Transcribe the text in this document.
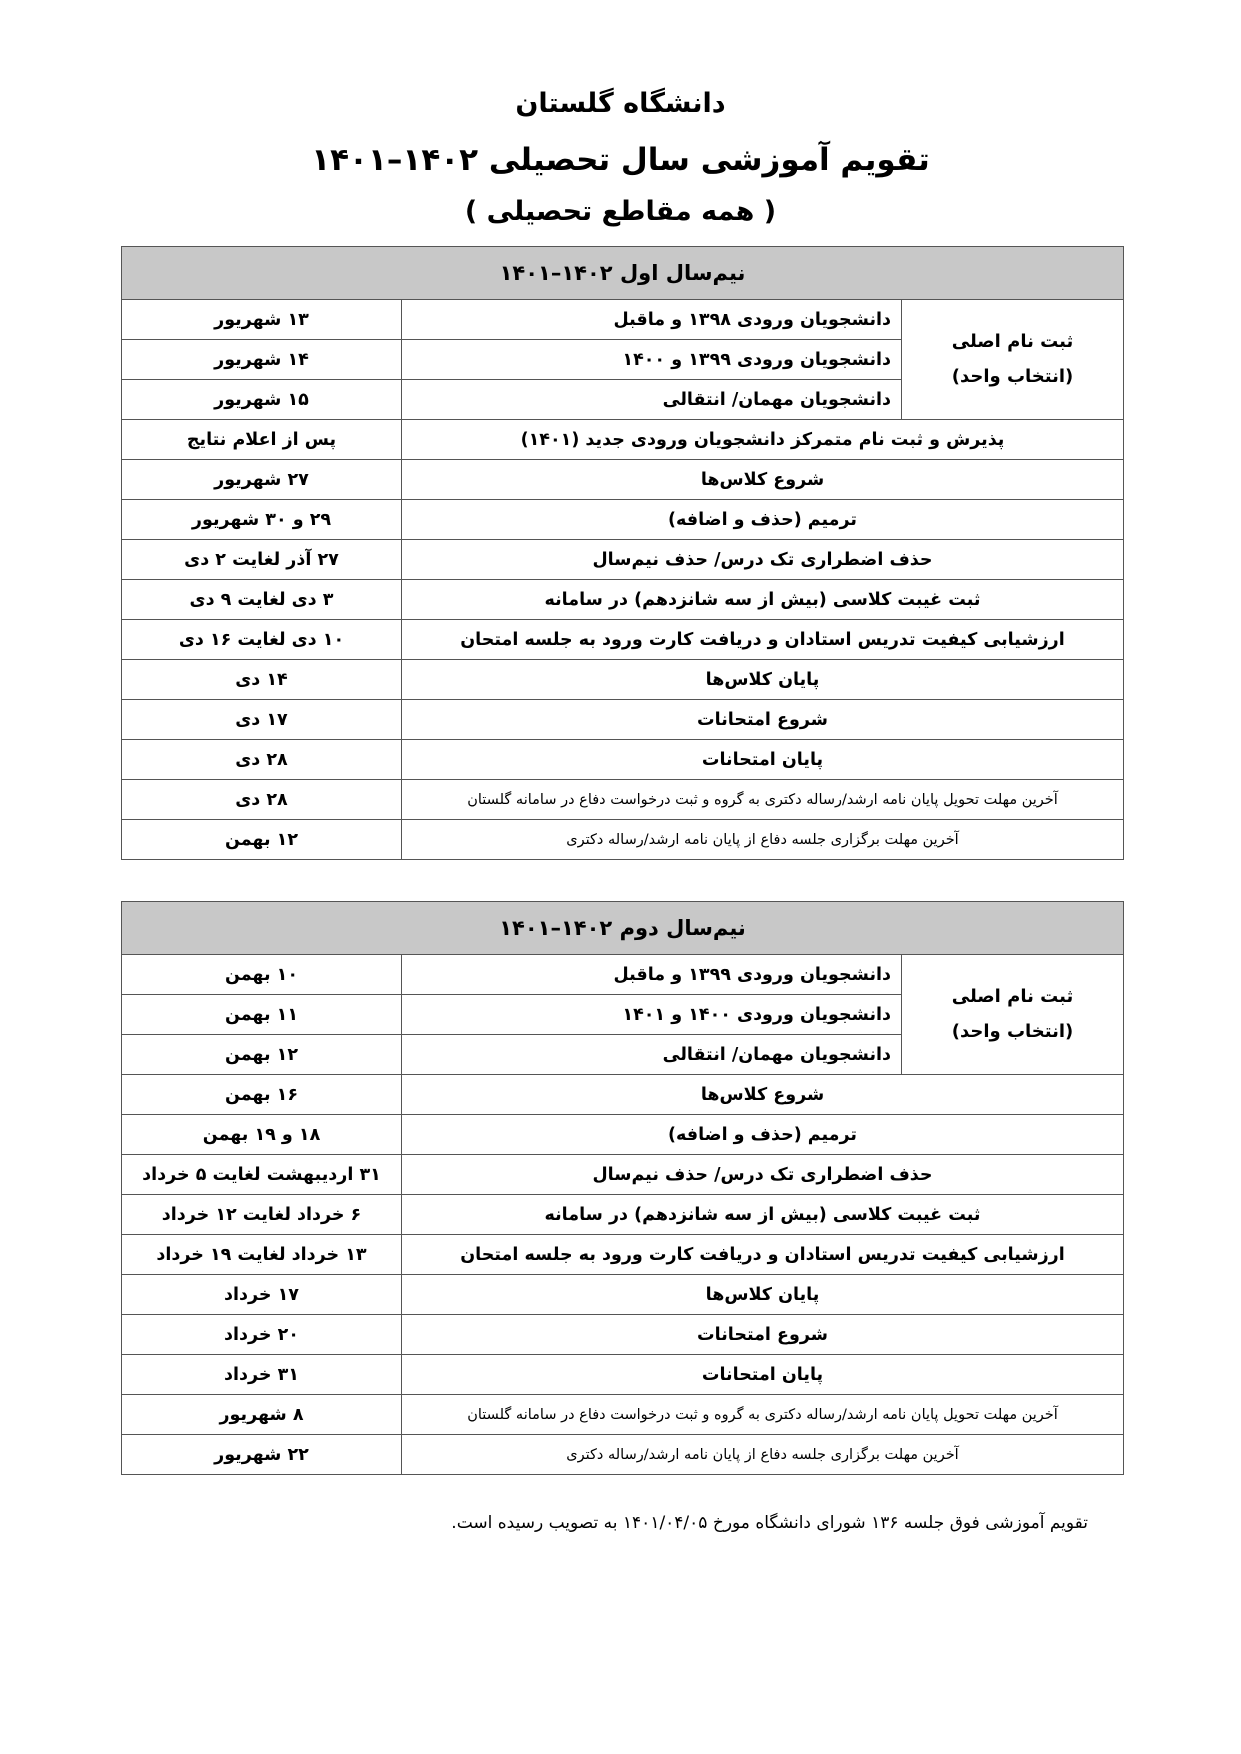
دانشگاه گلستان
تقویم آموزشی سال تحصیلی ۱۴۰۲–۱۴۰۱
( همه مقاطع تحصیلی )
نیم‌سال اول ۱۴۰۲–۱۴۰۱		

ثبت نام اصلی
(انتخاب واحد)	دانشجویان ورودی ۱۳۹۸ و ماقبل	۱۳ شهریور
	دانشجویان ورودی ۱۳۹۹ و ۱۴۰۰	۱۴ شهریور
	دانشجویان مهمان/ انتقالی	۱۵ شهریور
پذیرش و ثبت نام متمرکز دانشجویان ورودی جدید (۱۴۰۱)		پس از اعلام نتایج
شروع کلاس‌ها		۲۷ شهریور
ترمیم (حذف و اضافه)		۲۹ و ۳۰ شهریور
حذف اضطراری تک درس/ حذف نیم‌سال		۲۷ آذر لغایت ۲ دی
ثبت غیبت کلاسی (بیش از سه شانزدهم) در سامانه		۳ دی لغایت ۹ دی
ارزشیابی کیفیت تدریس استادان و دریافت کارت ورود به جلسه امتحان		۱۰ دی لغایت ۱۶ دی
پایان کلاس‌ها		۱۴ دی
شروع امتحانات		۱۷ دی
پایان امتحانات		۲۸ دی
آخرین مهلت تحویل پایان نامه ارشد/رساله دکتری به گروه و ثبت درخواست دفاع در سامانه گلستان		۲۸ دی
آخرین مهلت برگزاری جلسه دفاع از پایان نامه ارشد/رساله دکتری		۱۲ بهمن
نیم‌سال دوم ۱۴۰۲–۱۴۰۱		

ثبت نام اصلی
(انتخاب واحد)	دانشجویان ورودی ۱۳۹۹ و ماقبل	۱۰ بهمن
	دانشجویان ورودی ۱۴۰۰ و ۱۴۰۱	۱۱ بهمن
	دانشجویان مهمان/ انتقالی	۱۲ بهمن
شروع کلاس‌ها		۱۶ بهمن
ترمیم (حذف و اضافه)		۱۸ و ۱۹ بهمن
حذف اضطراری تک درس/ حذف نیم‌سال		۳۱ اردیبهشت لغایت ۵ خرداد
ثبت غیبت کلاسی (بیش از سه شانزدهم) در سامانه		۶ خرداد لغایت ۱۲ خرداد
ارزشیابی کیفیت تدریس استادان و دریافت کارت ورود به جلسه امتحان		۱۳ خرداد لغایت ۱۹ خرداد
پایان کلاس‌ها		۱۷ خرداد
شروع امتحانات		۲۰ خرداد
پایان امتحانات		۳۱ خرداد
آخرین مهلت تحویل پایان نامه ارشد/رساله دکتری به گروه و ثبت درخواست دفاع در سامانه گلستان		۸ شهریور
آخرین مهلت برگزاری جلسه دفاع از پایان نامه ارشد/رساله دکتری		۲۲ شهریور
تقویم آموزشی فوق جلسه ۱۳۶ شورای دانشگاه مورخ ۱۴۰۱/۰۴/۰۵ به تصویب رسیده است.
